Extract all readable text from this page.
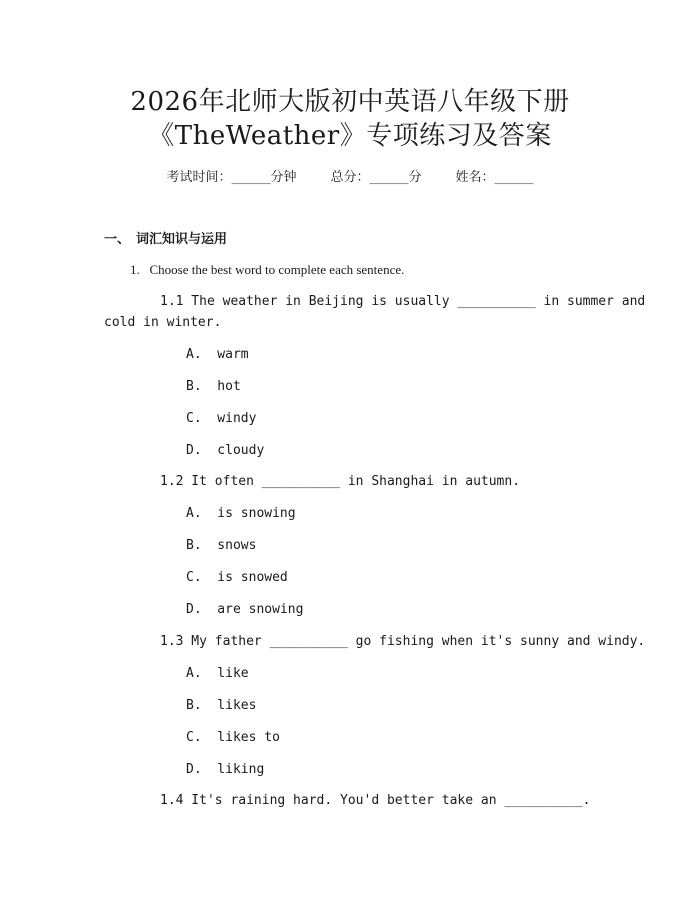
2026年北师大版初中英语八年级下册
《TheWeather》专项练习及答案
考试时间：______分钟	总分：______分	姓名：______
一、 词汇知识与运用
1. Choose the best word to complete each sentence.
1.1 The weather in Beijing is usually __________ in summer and
cold in winter.
A.  warm
B.  hot
C.  windy
D.  cloudy
1.2 It often __________ in Shanghai in autumn.
A.  is snowing
B.  snows
C.  is snowed
D.  are snowing
1.3 My father __________ go fishing when it's sunny and windy.
A.  like
B.  likes
C.  likes to
D.  liking
1.4 It's raining hard. You'd better take an __________.
